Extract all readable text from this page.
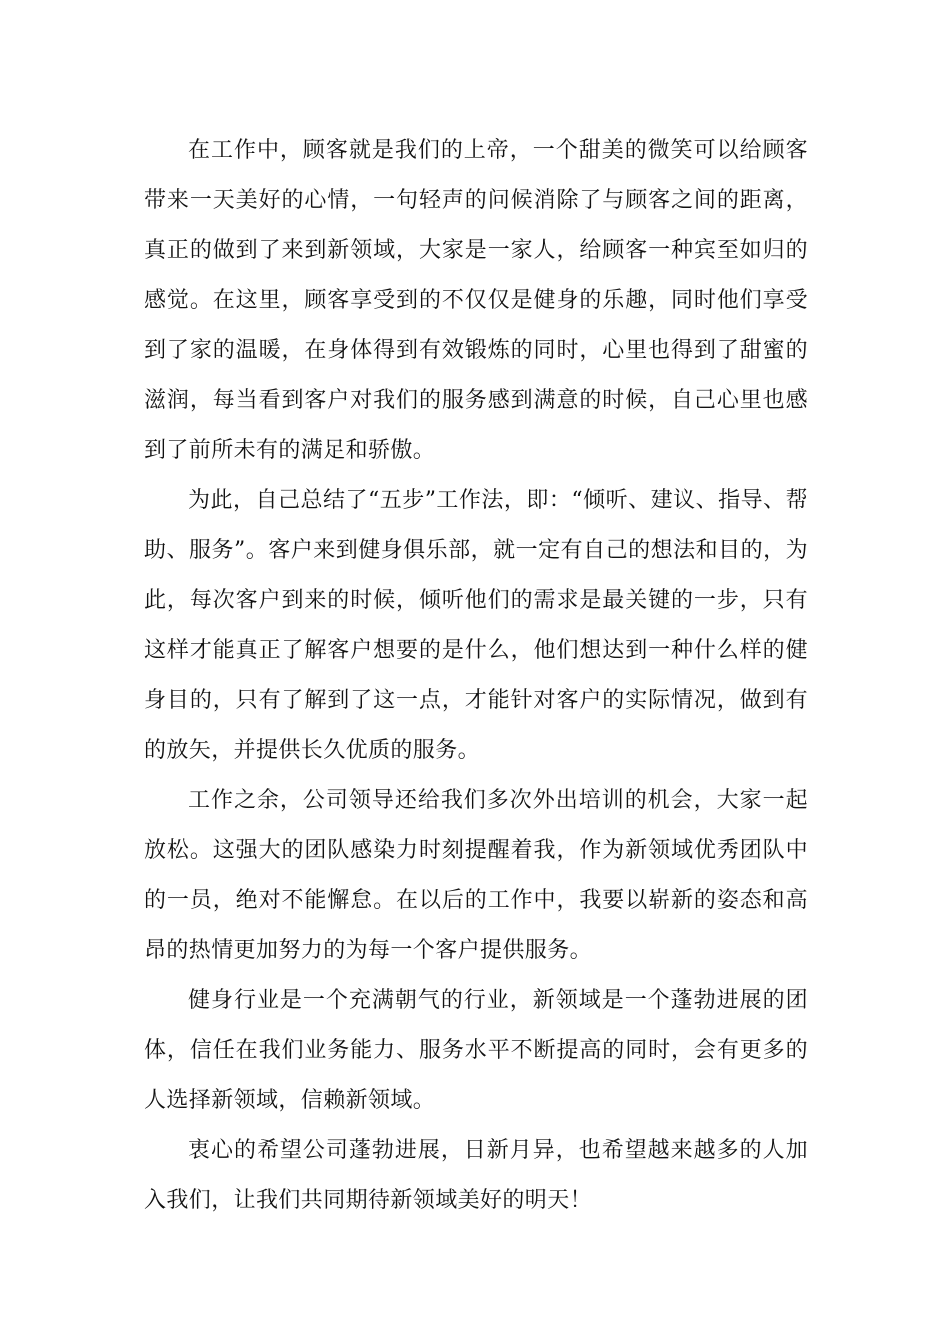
在工作中，顾客就是我们的上帝，一个甜美的微笑可以给顾客带来一天美好的心情，一句轻声的问候消除了与顾客之间的距离，真正的做到了来到新领域，大家是一家人，给顾客一种宾至如归的感觉。在这里，顾客享受到的不仅仅是健身的乐趣，同时他们享受到了家的温暖，在身体得到有效锻炼的同时，心里也得到了甜蜜的滋润，每当看到客户对我们的服务感到满意的时候，自己心里也感到了前所未有的满足和骄傲。

为此，自己总结了“五步”工作法，即：“倾听、建议、指导、帮助、服务”。客户来到健身俱乐部，就一定有自己的想法和目的，为此，每次客户到来的时候，倾听他们的需求是最关键的一步，只有这样才能真正了解客户想要的是什么，他们想达到一种什么样的健身目的，只有了解到了这一点，才能针对客户的实际情况，做到有的放矢，并提供长久优质的服务。

工作之余，公司领导还给我们多次外出培训的机会，大家一起放松。这强大的团队感染力时刻提醒着我，作为新领域优秀团队中的一员，绝对不能懈怠。在以后的工作中，我要以崭新的姿态和高昂的热情更加努力的为每一个客户提供服务。

健身行业是一个充满朝气的行业，新领域是一个蓬勃进展的团体，信任在我们业务能力、服务水平不断提高的同时，会有更多的人选择新领域，信赖新领域。

衷心的希望公司蓬勃进展，日新月异，也希望越来越多的人加入我们，让我们共同期待新领域美好的明天！
